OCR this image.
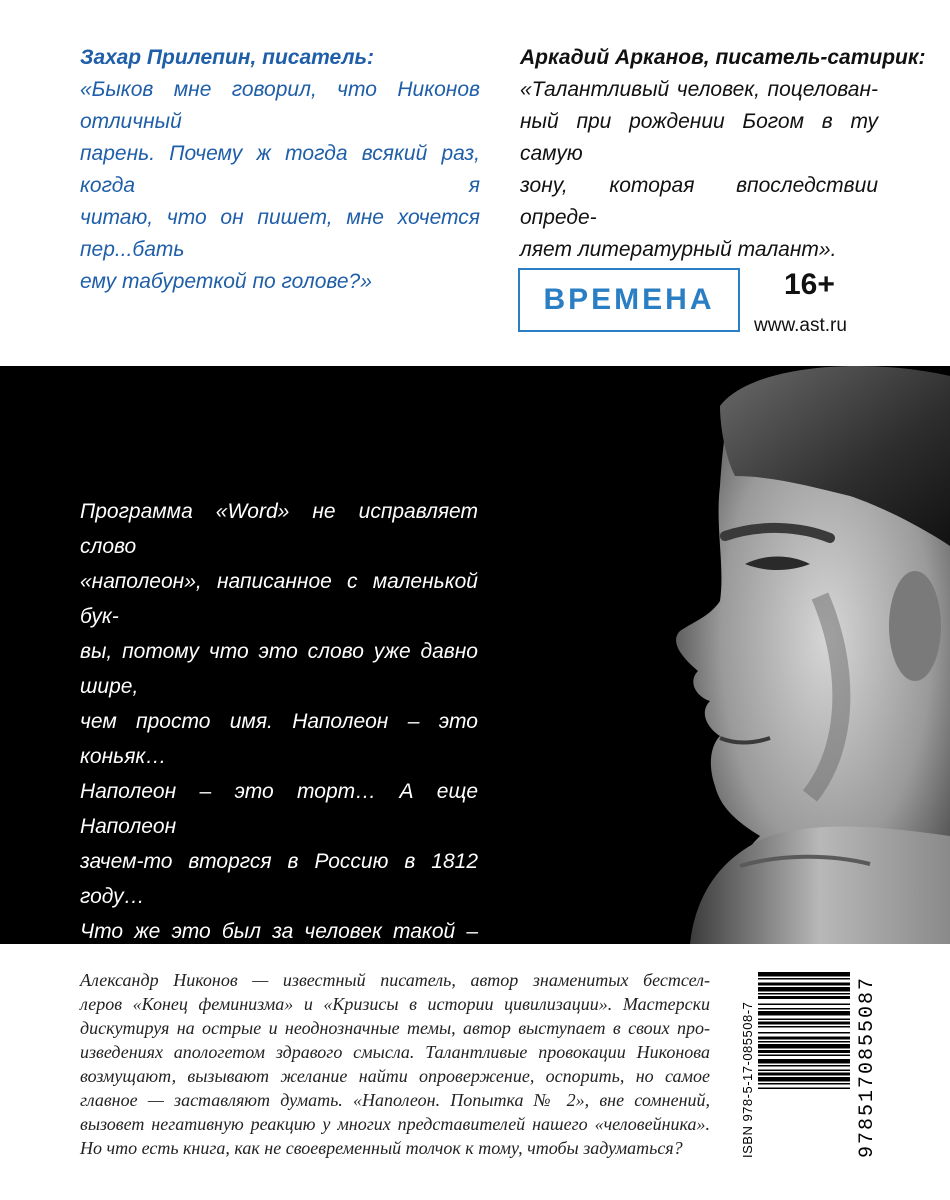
Захар Прилепин, писатель:

«Быков мне говорил, что Никонов отличный
парень. Почему ж тогда всякий раз, когда я
читаю, что он пишет, мне хочется пер...бать
ему табуреткой по голове?»

Аркадий Арканов, писатель-сатирик:

«Талантливый человек, поцелован-
ный при рождении Богом в ту самую
зону, которая впоследствии опреде-
ляет литературный талант».

ВРЕМЕНА 16+
www.ast.ru

Программа «Word» не исправляет слово
«наполеон», написанное с маленькой бук-
вы, потому что это слово уже давно шире,
чем просто имя. Наполеон – это коньяк…
Наполеон – это торт… А еще Наполеон
зачем-то вторгся в Россию в 1812 году…
Что же это был за человек такой –

Александр Никонов — известный писатель, автор знаменитых бестсел-
леров «Конец феминизма» и «Кризисы в истории цивилизации». Мастерски
дискутируя на острые и неоднозначные темы, автор выступает в своих про-
изведениях апологетом здравого смысла. Талантливые провокации Никонова
возмущают, вызывают желание найти опровержение, оспорить, но самое
главное — заставляют думать. «Наполеон. Попытка № 2», вне сомнений,
вызовет негативную реакцию у многих представителей нашего «человейника».
Но что есть книга, как не своевременный толчок к тому, чтобы задуматься?	ISBN 978-5-17-085508-7	9785170855087
